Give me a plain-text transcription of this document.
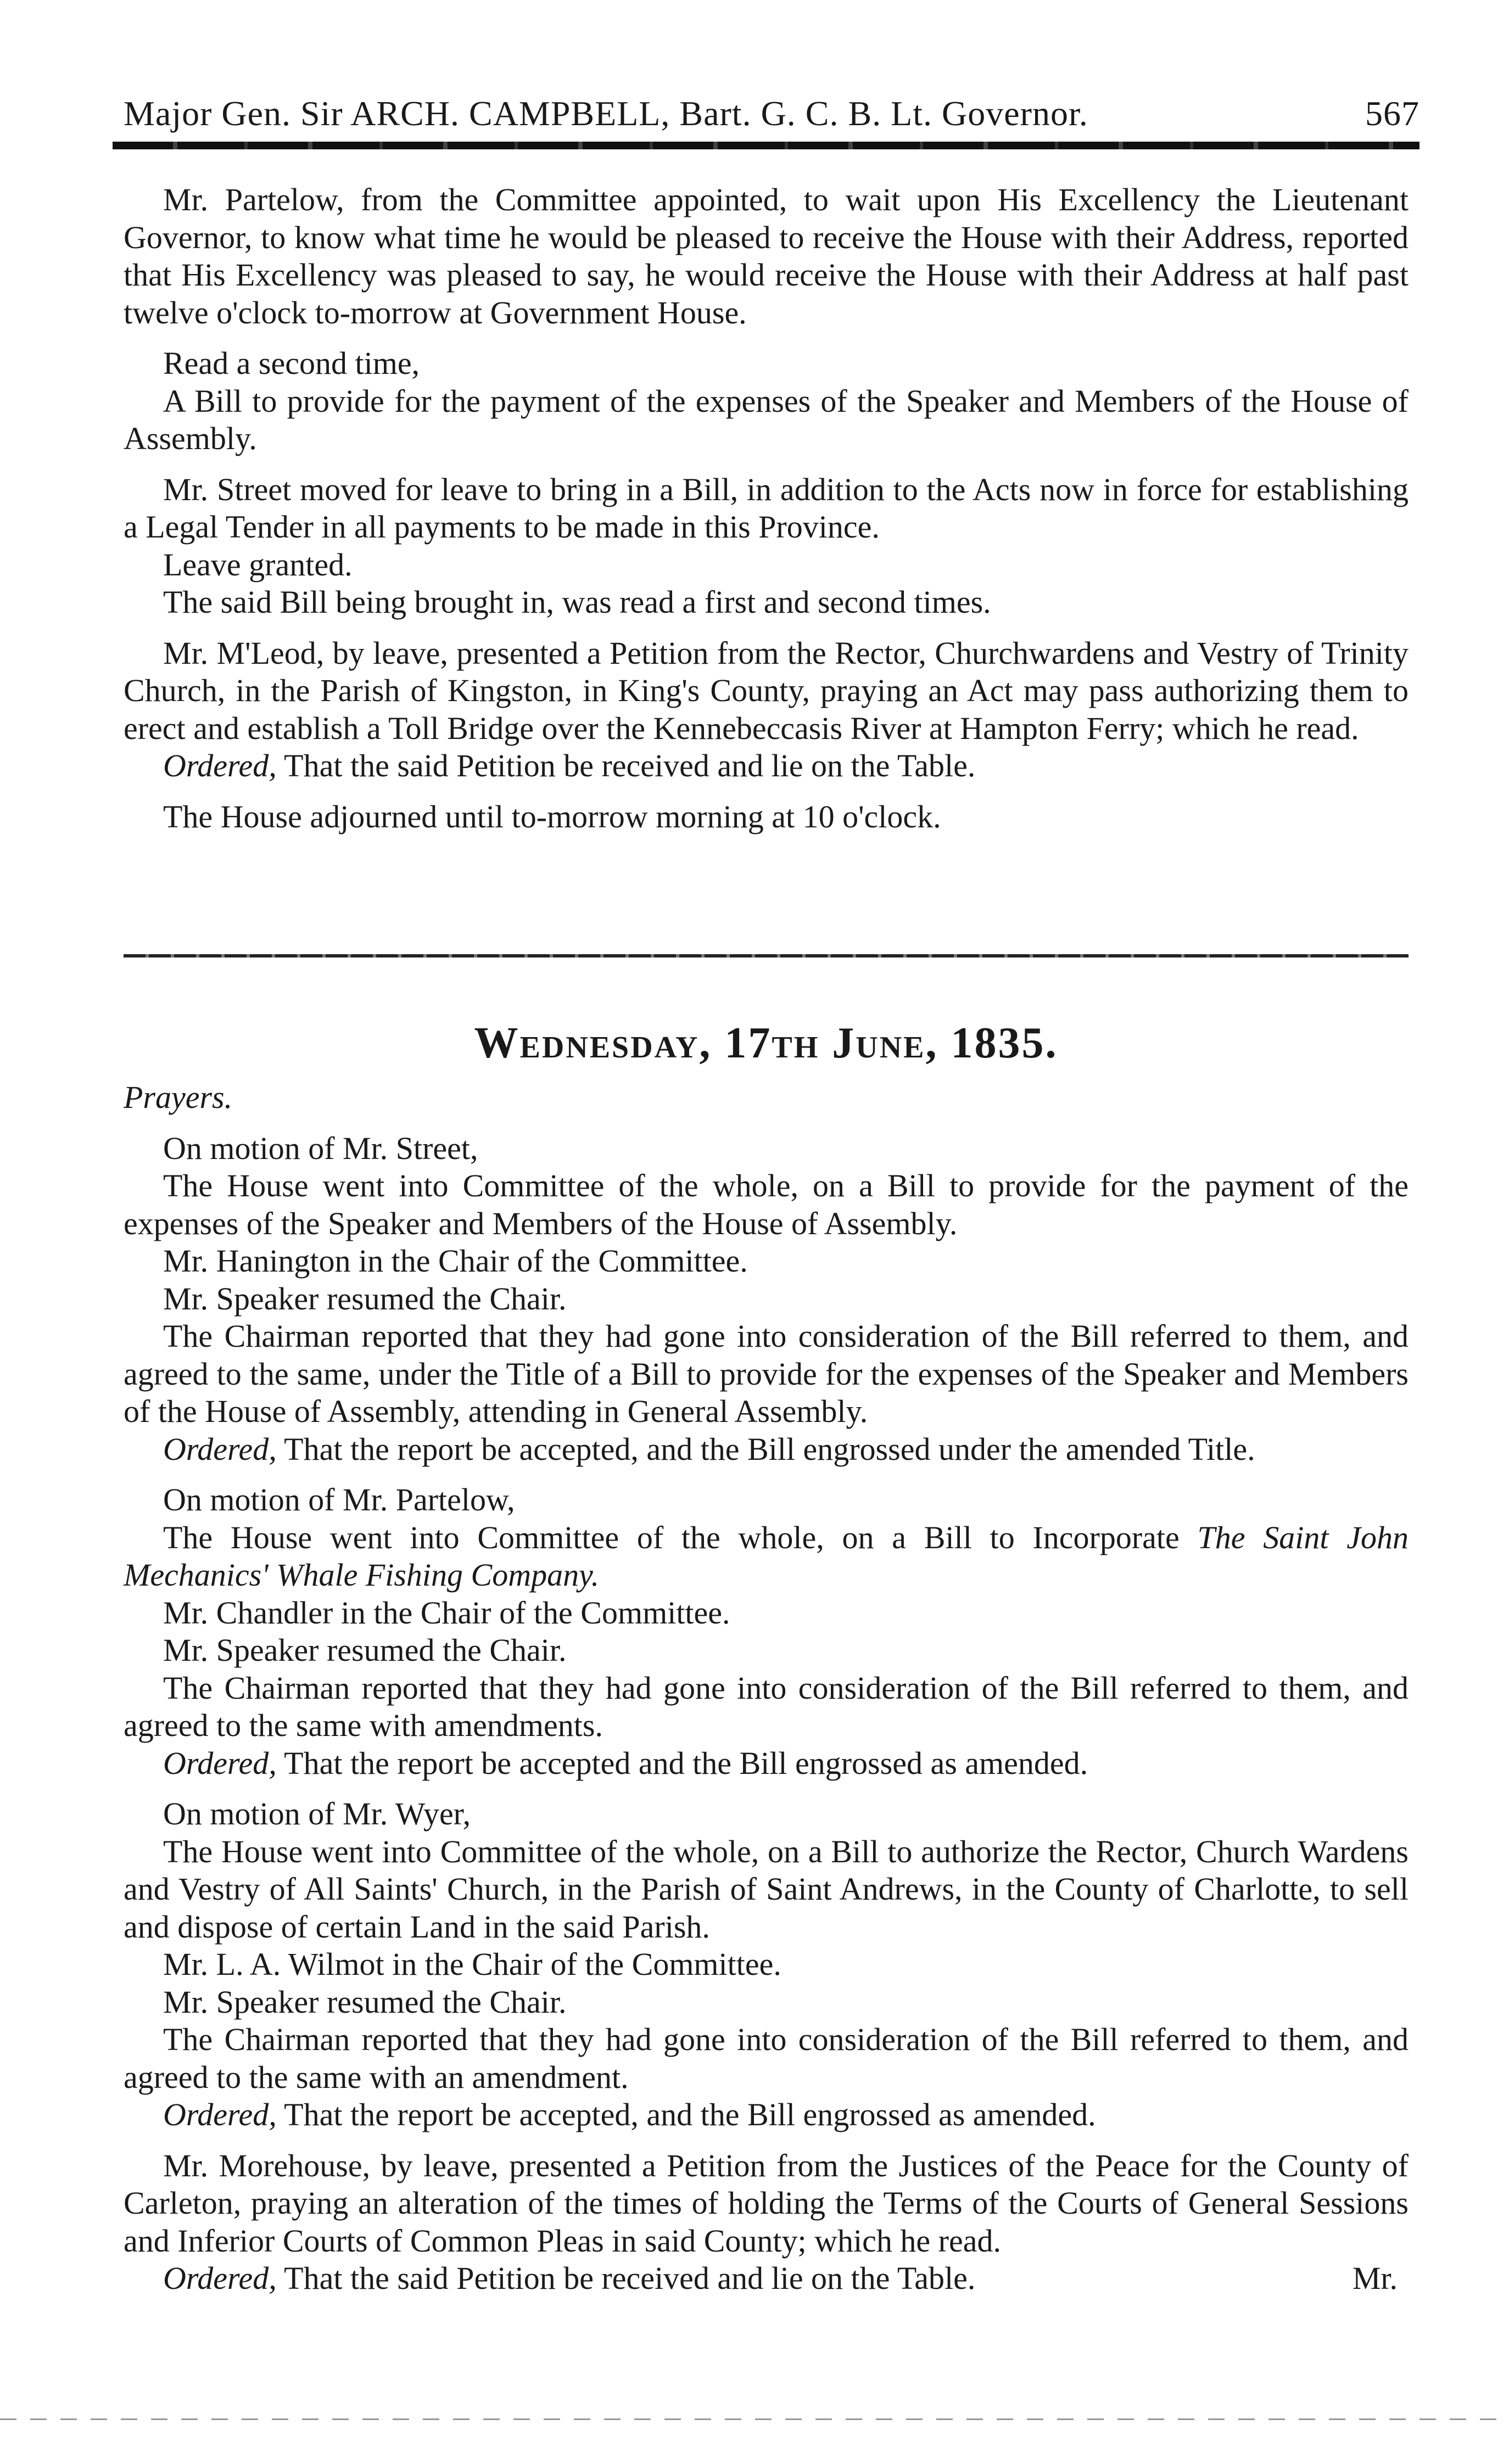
Major Gen. Sir ARCH. CAMPBELL, Bart. G. C. B. Lt. Governor.	567

Mr. Partelow, from the Committee appointed, to wait upon His Excellency the Lieutenant Governor, to know what time he would be pleased to receive the House with their Address, reported that His Excellency was pleased to say, he would receive the House with their Address at half past twelve o'clock to-morrow at Government House.

Read a second time,

A Bill to provide for the payment of the expenses of the Speaker and Members of the House of Assembly.

Mr. Street moved for leave to bring in a Bill, in addition to the Acts now in force for establishing a Legal Tender in all payments to be made in this Province.

Leave granted.

The said Bill being brought in, was read a first and second times.

Mr. M'Leod, by leave, presented a Petition from the Rector, Churchwardens and Vestry of Trinity Church, in the Parish of Kingston, in King's County, praying an Act may pass authorizing them to erect and establish a Toll Bridge over the Kennebeccasis River at Hampton Ferry; which he read.

Ordered, That the said Petition be received and lie on the Table.

The House adjourned until to-morrow morning at 10 o'clock.

Wednesday, 17th June, 1835.

Prayers.

On motion of Mr. Street,

The House went into Committee of the whole, on a Bill to provide for the payment of the expenses of the Speaker and Members of the House of Assembly.

Mr. Hanington in the Chair of the Committee.

Mr. Speaker resumed the Chair.

The Chairman reported that they had gone into consideration of the Bill referred to them, and agreed to the same, under the Title of a Bill to provide for the expenses of the Speaker and Members of the House of Assembly, attending in General Assembly.

Ordered, That the report be accepted, and the Bill engrossed under the amended Title.

On motion of Mr. Partelow,

The House went into Committee of the whole, on a Bill to Incorporate The Saint John Mechanics' Whale Fishing Company.

Mr. Chandler in the Chair of the Committee.

Mr. Speaker resumed the Chair.

The Chairman reported that they had gone into consideration of the Bill referred to them, and agreed to the same with amendments.

Ordered, That the report be accepted and the Bill engrossed as amended.

On motion of Mr. Wyer,

The House went into Committee of the whole, on a Bill to authorize the Rector, Church Wardens and Vestry of All Saints' Church, in the Parish of Saint Andrews, in the County of Charlotte, to sell and dispose of certain Land in the said Parish.

Mr. L. A. Wilmot in the Chair of the Committee.

Mr. Speaker resumed the Chair.

The Chairman reported that they had gone into consideration of the Bill referred to them, and agreed to the same with an amendment.

Ordered, That the report be accepted, and the Bill engrossed as amended.

Mr. Morehouse, by leave, presented a Petition from the Justices of the Peace for the County of Carleton, praying an alteration of the times of holding the Terms of the Courts of General Sessions and Inferior Courts of Common Pleas in said County; which he read.

Ordered, That the said Petition be received and lie on the Table.	Mr.
